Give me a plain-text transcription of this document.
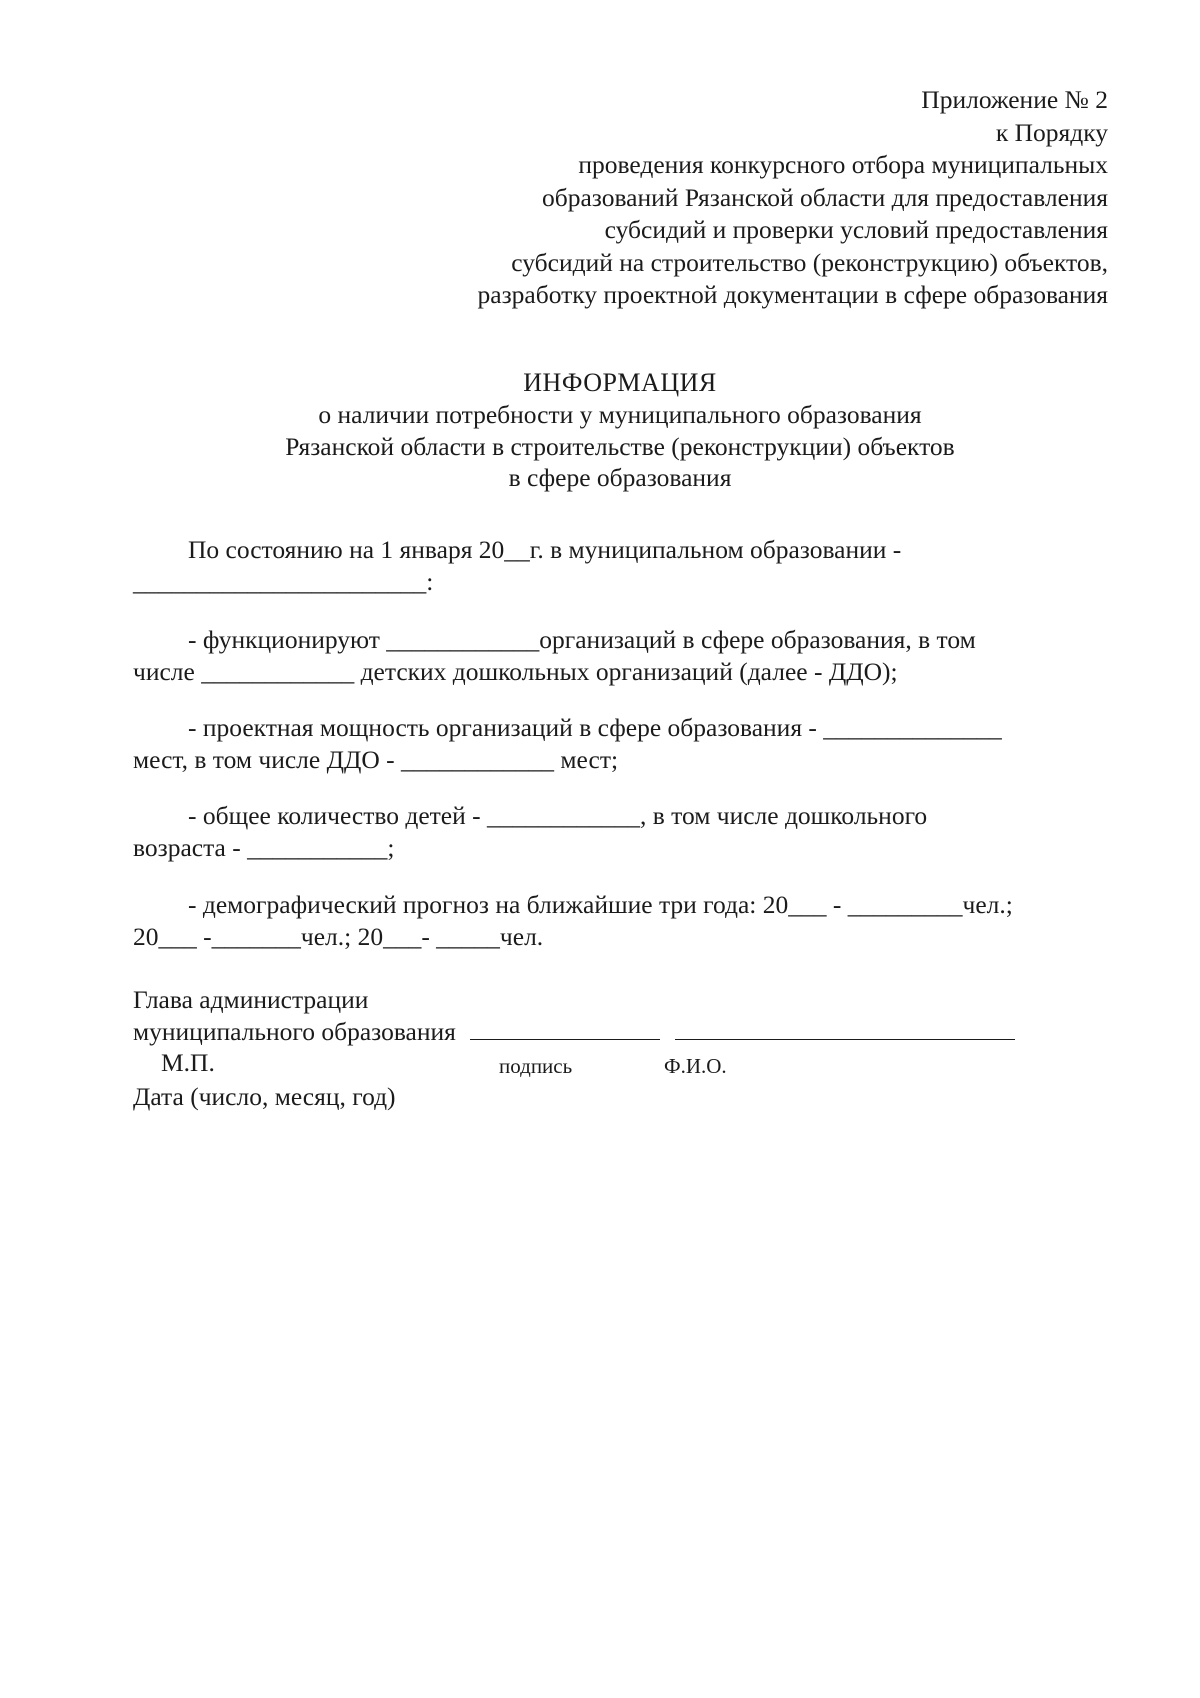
Приложение № 2
к Порядку
проведения конкурсного отбора муниципальных
образований Рязанской области для предоставления
субсидий и проверки условий предоставления
субсидий на строительство (реконструкцию) объектов,
разработку проектной документации в сфере образования
ИНФОРМАЦИЯ
о наличии потребности у муниципального образования
Рязанской области в строительстве (реконструкции) объектов
в сфере образования
По состоянию на 1 января 20__г. в муниципальном образовании -
_______________________:
- функционируют ____________организаций в сфере образования, в том
числе ____________ детских дошкольных организаций (далее - ДДО);
- проектная мощность организаций в сфере образования - ______________
мест, в том числе ДДО - ____________ мест;
- общее количество детей - ____________, в том числе дошкольного
возраста - ___________;
- демографический прогноз на ближайшие три года: 20___ - _________чел.;
20___ -_______чел.; 20___- _____чел.
Глава администрации
муниципального образования
М.П.	подпись	Ф.И.О.
Дата (число, месяц, год)
